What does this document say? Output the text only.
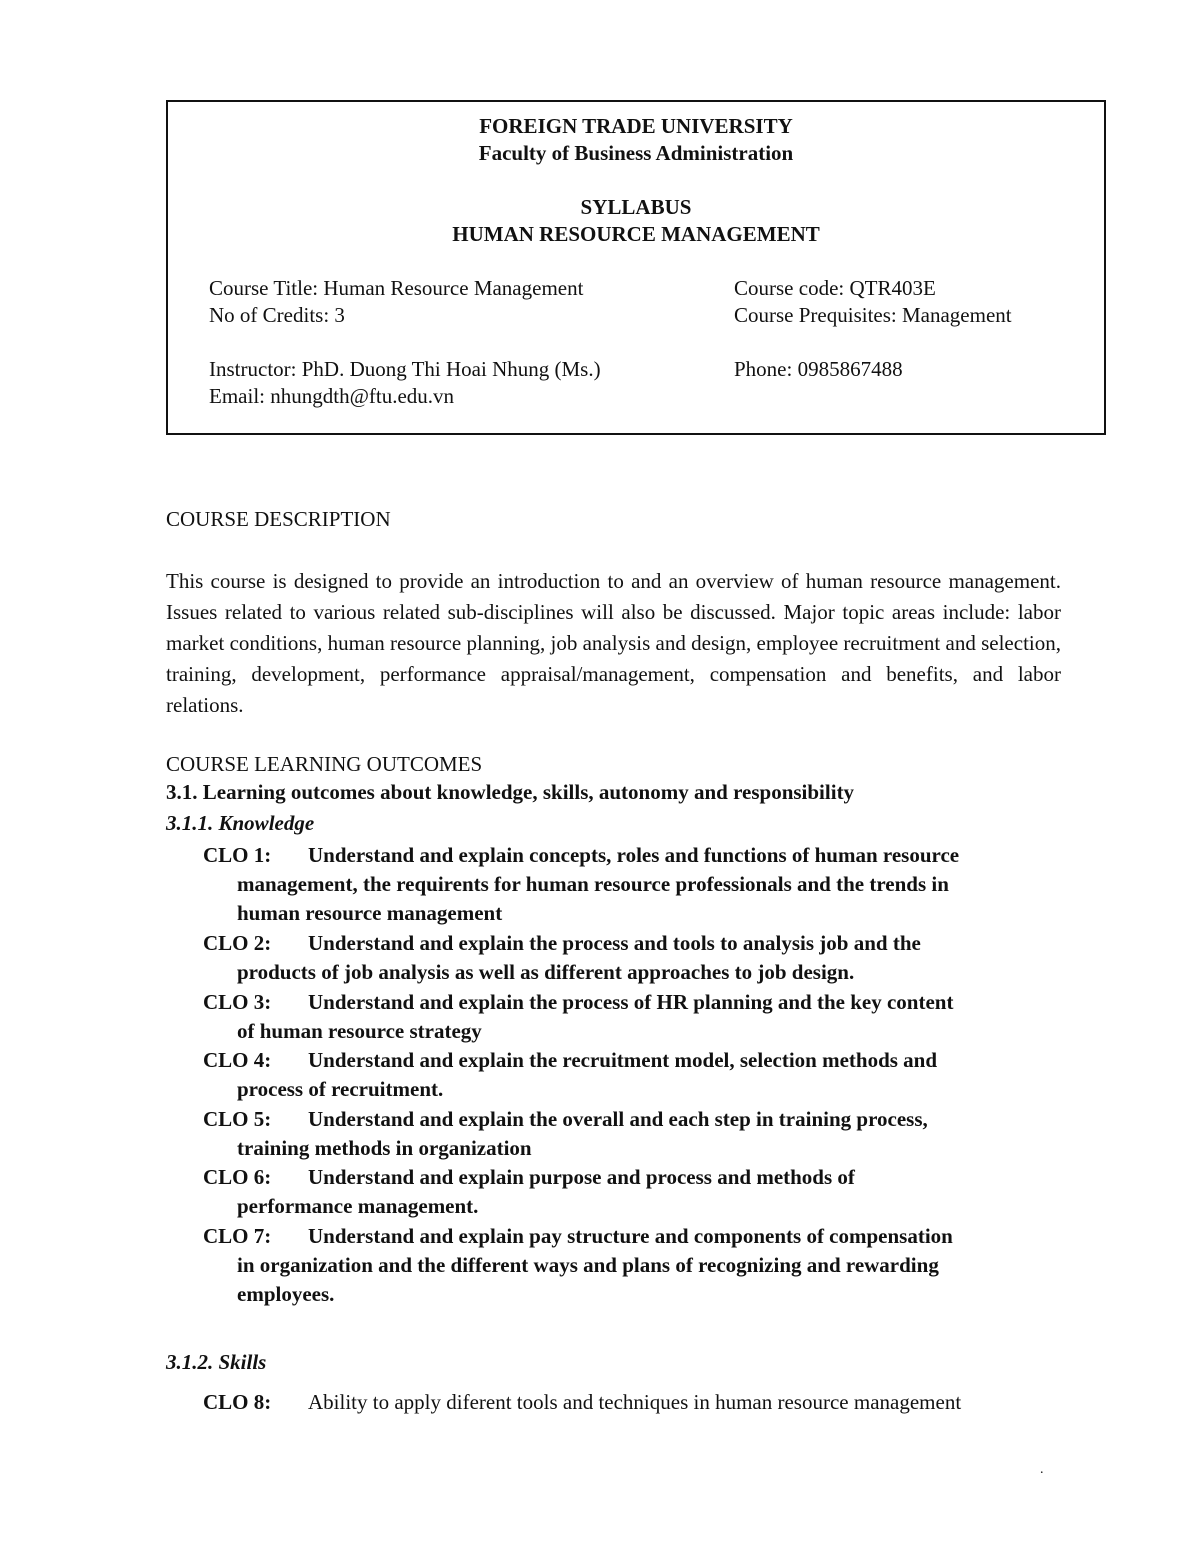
FOREIGN TRADE UNIVERSITY
Faculty of Business Administration
SYLLABUS
HUMAN RESOURCE MANAGEMENT
Course Title: Human Resource Management	Course code: QTR403E
No of Credits: 3	Course Prequisites: Management
Instructor: PhD. Duong Thi Hoai Nhung (Ms.)	Phone: 0985867488
Email: nhungdth@ftu.edu.vn
COURSE DESCRIPTION
This course is designed to provide an introduction to and an overview of human resource management. Issues related to various related sub-disciplines will also be discussed. Major topic areas include: labor market conditions, human resource planning, job analysis and design, employee recruitment and selection, training, development, performance appraisal/management, compensation and benefits, and labor relations.
COURSE LEARNING OUTCOMES
3.1. Learning outcomes about knowledge, skills, autonomy and responsibility
3.1.1. Knowledge
CLO 1: Understand and explain concepts, roles and functions of human resource
management, the requirents for human resource professionals and the trends in
human resource management
CLO 2: Understand and explain the process and tools to analysis job and the
products of job analysis as well as different approaches to job design.
CLO 3: Understand and explain the process of HR planning and the key content
of human resource strategy
CLO 4: Understand and explain the recruitment model, selection methods and
process of recruitment.
CLO 5: Understand and explain the overall and each step in training process,
training methods in organization
CLO 6: Understand and explain purpose and process and methods of
performance management.
CLO 7: Understand and explain pay structure and components of compensation
in organization and the different ways and plans of recognizing and rewarding
employees.
3.1.2. Skills
CLO 8: Ability to apply diferent tools and techniques in human resource management
.
